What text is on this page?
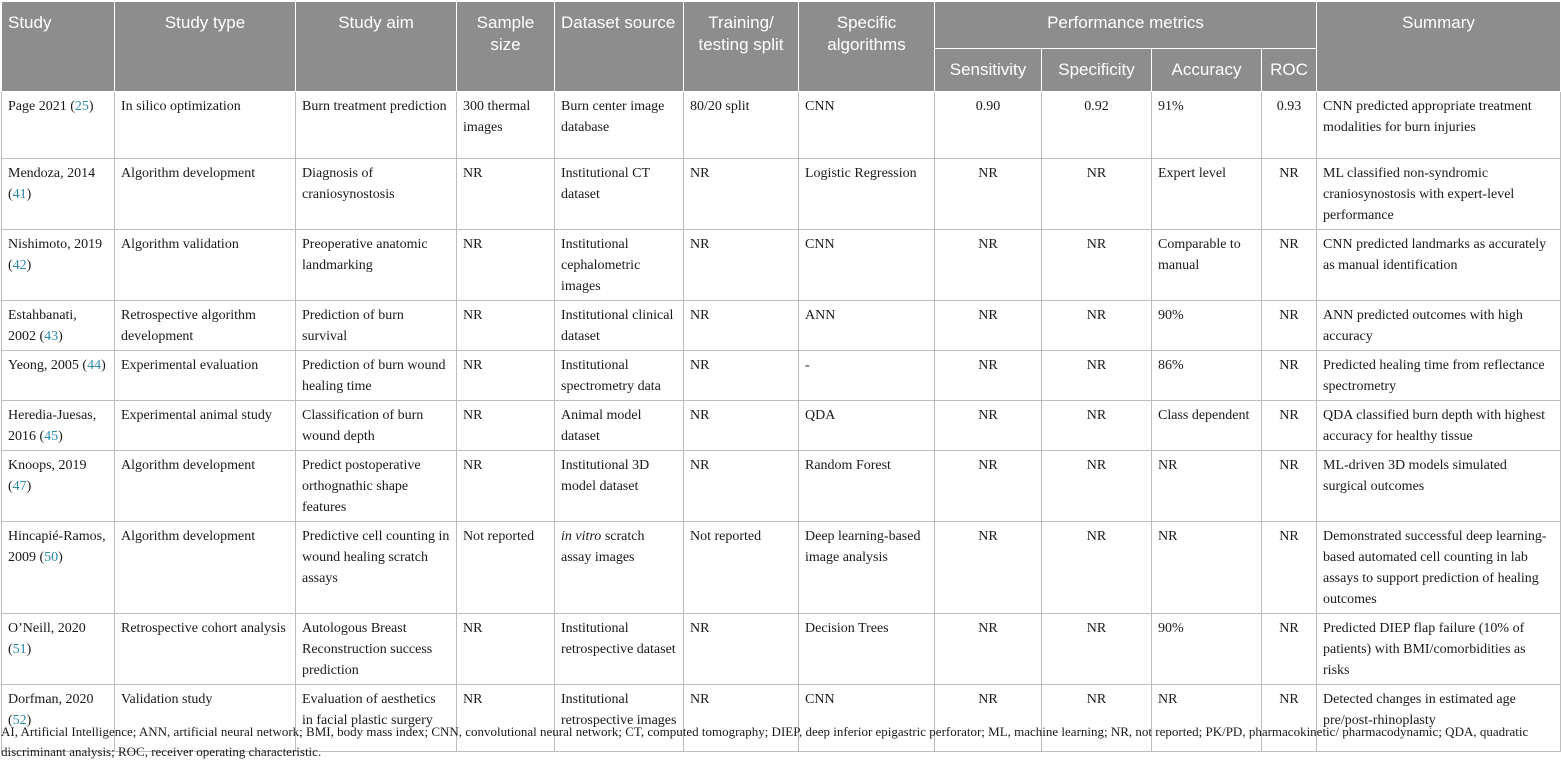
Study	Study type	Study aim	Sample size	Dataset source	Training/ testing split	Specific algorithms	Performance metrics				Summary
							Sensitivity	Specificity	Accuracy	ROC	
Page 2021 (25)	In silico optimization	Burn treatment prediction	300 thermal images	Burn center image database	80/20 split	CNN	0.90	0.92	91%	0.93	CNN predicted appropriate treatment modalities for burn injuries
Mendoza, 2014 (41)	Algorithm development	Diagnosis of craniosynostosis	NR	Institutional CT dataset	NR	Logistic Regression	NR	NR	Expert level	NR	ML classified non-syndromic craniosynostosis with expert-level performance
Nishimoto, 2019 (42)	Algorithm validation	Preoperative anatomic landmarking	NR	Institutional cephalometric images	NR	CNN	NR	NR	Comparable to manual	NR	CNN predicted landmarks as accurately as manual identification
Estahbanati, 2002 (43)	Retrospective algorithm development	Prediction of burn survival	NR	Institutional clinical dataset	NR	ANN	NR	NR	90%	NR	ANN predicted outcomes with high accuracy
Yeong, 2005 (44)	Experimental evaluation	Prediction of burn wound healing time	NR	Institutional spectrometry data	NR	-	NR	NR	86%	NR	Predicted healing time from reflectance spectrometry
Heredia-Juesas, 2016 (45)	Experimental animal study	Classification of burn wound depth	NR	Animal model dataset	NR	QDA	NR	NR	Class dependent	NR	QDA classified burn depth with highest accuracy for healthy tissue
Knoops, 2019 (47)	Algorithm development	Predict postoperative orthognathic shape features	NR	Institutional 3D model dataset	NR	Random Forest	NR	NR	NR	NR	ML-driven 3D models simulated surgical outcomes
Hincapié-Ramos, 2009 (50)	Algorithm development	Predictive cell counting in wound healing scratch assays	Not reported	in vitro scratch assay images	Not reported	Deep learning-based image analysis	NR	NR	NR	NR	Demonstrated successful deep learning-based automated cell counting in lab assays to support prediction of healing outcomes
O’Neill, 2020 (51)	Retrospective cohort analysis	Autologous Breast Reconstruction success prediction	NR	Institutional retrospective dataset	NR	Decision Trees	NR	NR	90%	NR	Predicted DIEP flap failure (10% of patients) with BMI/comorbidities as risks
Dorfman, 2020 (52)	Validation study	Evaluation of aesthetics in facial plastic surgery	NR	Institutional retrospective images	NR	CNN	NR	NR	NR	NR	Detected changes in estimated age pre/post-rhinoplasty
AI, Artificial Intelligence; ANN, artificial neural network; BMI, body mass index; CNN, convolutional neural network; CT, computed tomography; DIEP, deep inferior epigastric perforator; ML, machine learning; NR, not reported; PK/PD, pharmacokinetic/ pharmacodynamic; QDA, quadratic discriminant analysis; ROC, receiver operating characteristic.
